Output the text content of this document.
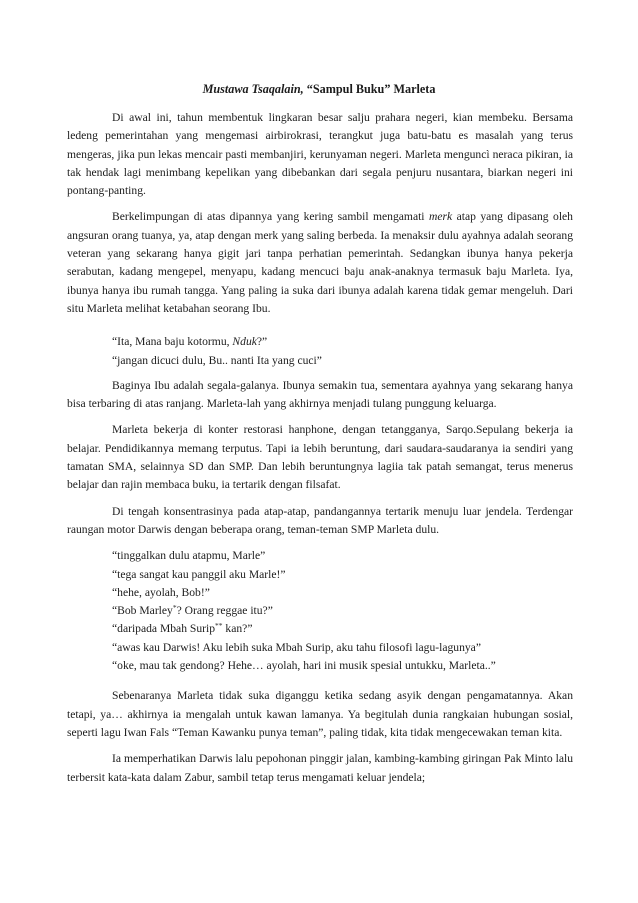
Mustawa Tsaqalain, “Sampul Buku” Marleta

Di awal ini, tahun membentuk lingkaran besar salju prahara negeri, kian membeku. Bersama ledeng pemerintahan yang mengemasi airbirokrasi, terangkut juga batu-batu es masalah yang terus mengeras, jika pun lekas mencair pasti membanjiri, kerunyaman negeri. Marleta menguncì neraca pikiran, ia tak hendak lagi menimbang kepelikan yang dibebankan dari segala penjuru nusantara, biarkan negeri ini pontang-panting.

Berkelimpungan di atas dipannya yang kering sambil mengamati merk atap yang dipasang oleh angsuran orang tuanya, ya, atap dengan merk yang saling berbeda. Ia menaksir dulu ayahnya adalah seorang veteran yang sekarang hanya gigit jari tanpa perhatian pemerintah. Sedangkan ibunya hanya pekerja serabutan, kadang mengepel, menyapu, kadang mencuci baju anak-anaknya termasuk baju Marleta. Iya, ibunya hanya ibu rumah tangga. Yang paling ia suka dari ibunya adalah karena tidak gemar mengeluh. Dari situ Marleta melihat ketabahan seorang Ibu.

“Ita, Mana baju kotormu, Nduk?”

“jangan dicuci dulu, Bu.. nanti Ita yang cuci”

Baginya Ibu adalah segala-galanya. Ibunya semakin tua, sementara ayahnya yang sekarang hanya bisa terbaring di atas ranjang. Marleta-lah yang akhirnya menjadi tulang punggung keluarga.

Marleta bekerja di konter restorasi hanphone, dengan tetangganya, Sarqo.Sepulang bekerja ia belajar. Pendidikannya memang terputus. Tapi ia lebih beruntung, dari saudara-saudaranya ia sendiri yang tamatan SMA, selainnya SD dan SMP. Dan lebih beruntungnya lagiia tak patah semangat, terus menerus belajar dan rajin membaca buku, ia tertarik dengan filsafat.

Di tengah konsentrasinya pada atap-atap, pandangannya tertarik menuju luar jendela. Terdengar raungan motor Darwis dengan beberapa orang, teman-teman SMP Marleta dulu.

“tinggalkan dulu atapmu, Marle”

“tega sangat kau panggil aku Marle!”

“hehe, ayolah, Bob!”

“Bob Marley*? Orang reggae itu?”

“daripada Mbah Surip** kan?”

“awas kau Darwis! Aku lebih suka Mbah Surip, aku tahu filosofi lagu-lagunya”

“oke, mau tak gendong? Hehe… ayolah, hari ini musik spesial untukku, Marleta..”

Sebenaranya Marleta tidak suka diganggu ketika sedang asyik dengan pengamatannya. Akan tetapi, ya… akhirnya ia mengalah untuk kawan lamanya. Ya begitulah dunia rangkaian hubungan sosial, seperti lagu Iwan Fals “Teman Kawanku punya teman”, paling tidak, kita tidak mengecewakan teman kita.

Ia memperhatikan Darwis lalu pepohonan pinggir jalan, kambing-kambing giringan Pak Minto lalu terbersit kata-kata dalam Zabur, sambil tetap terus mengamati keluar jendela;
